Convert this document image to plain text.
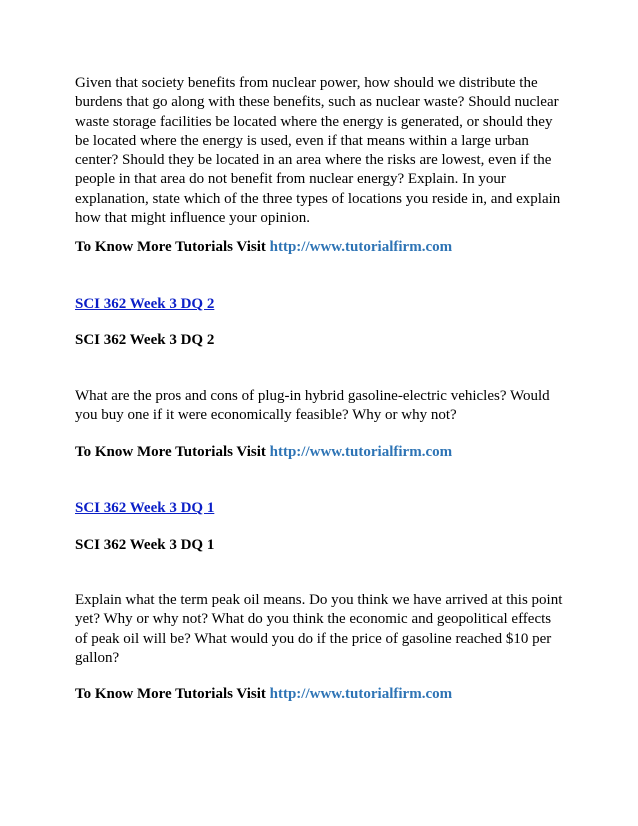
Given that society benefits from nuclear power, how should we distribute the burdens that go along with these benefits, such as nuclear waste? Should nuclear waste storage facilities be located where the energy is generated, or should they be located where the energy is used, even if that means within a large urban center? Should they be located in an area where the risks are lowest, even if the people in that area do not benefit from nuclear energy? Explain. In your explanation, state which of the three types of locations you reside in, and explain how that might influence your opinion.

To Know More Tutorials Visit http://www.tutorialfirm.com

SCI 362 Week 3 DQ 2

SCI 362 Week 3 DQ 2

What are the pros and cons of plug-in hybrid gasoline-electric vehicles? Would you buy one if it were economically feasible? Why or why not?

To Know More Tutorials Visit http://www.tutorialfirm.com

SCI 362 Week 3 DQ 1

SCI 362 Week 3 DQ 1

Explain what the term peak oil means. Do you think we have arrived at this point yet? Why or why not? What do you think the economic and geopolitical effects of peak oil will be? What would you do if the price of gasoline reached $10 per gallon?

To Know More Tutorials Visit http://www.tutorialfirm.com
